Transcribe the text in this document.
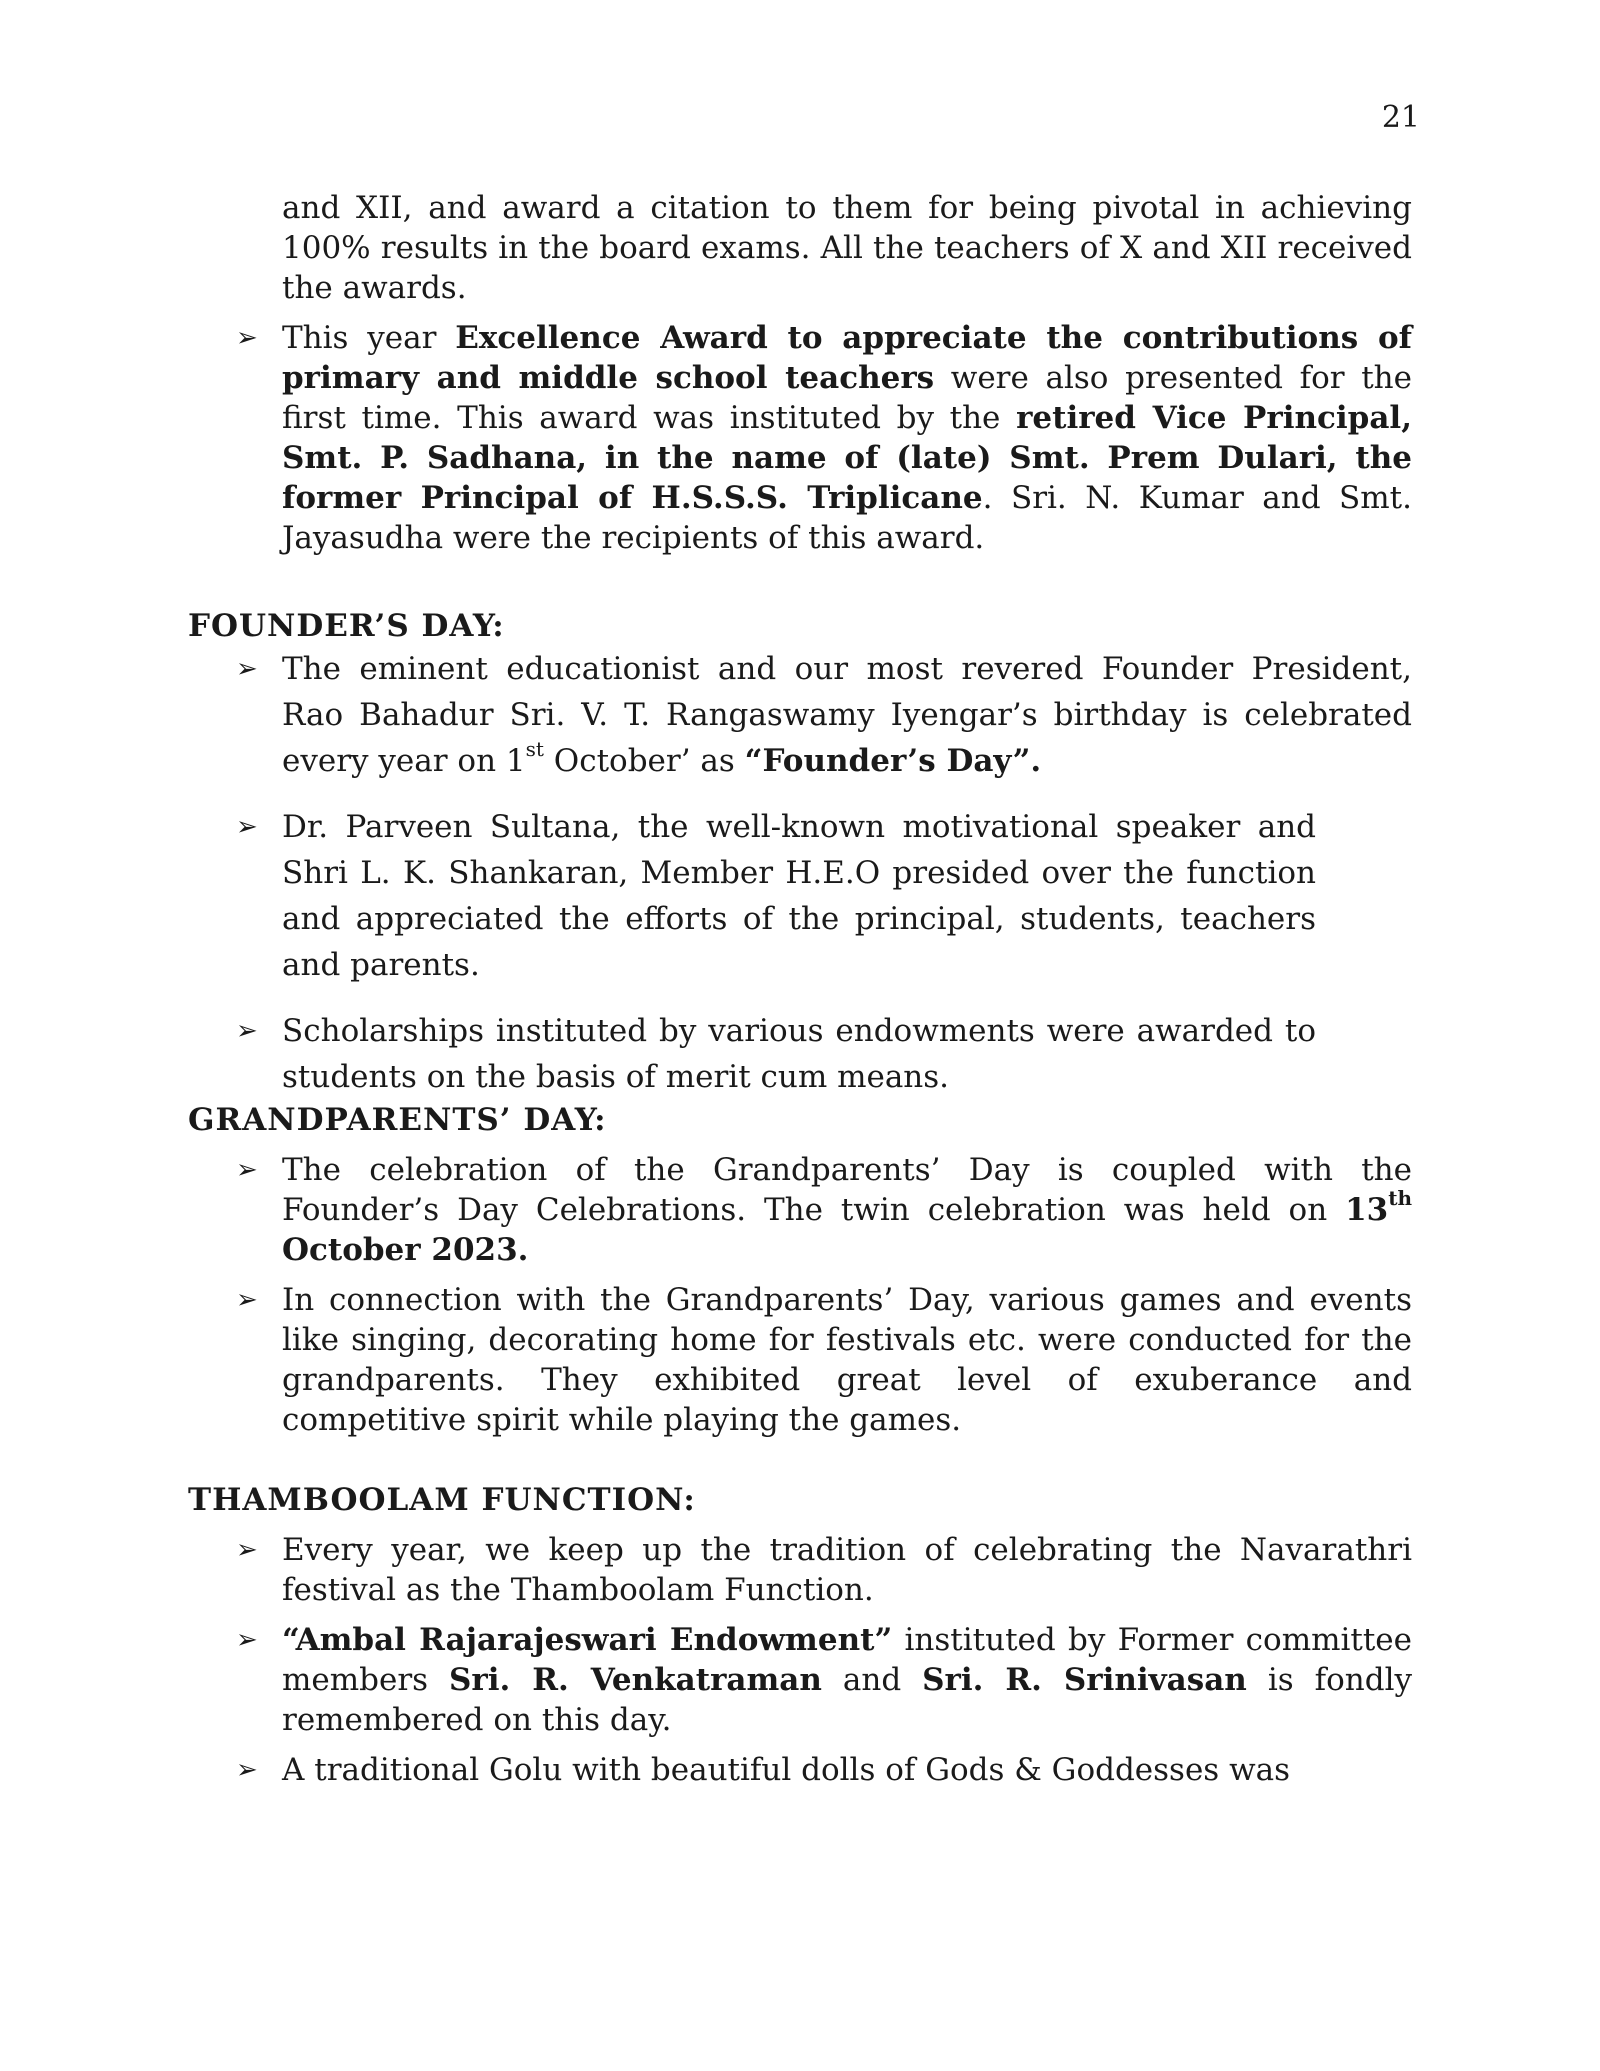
21
and XII, and award a citation to them for being pivotal in achieving 100% results in the board exams. All the teachers of X and XII received the awards.
➢ This year Excellence Award to appreciate the contributions of primary and middle school teachers were also presented for the first time. This award was instituted by the retired Vice Principal, Smt. P. Sadhana, in the name of (late) Smt. Prem Dulari, the former Principal of H.S.S.S. Triplicane. Sri. N. Kumar and Smt. Jayasudha were the recipients of this award.
FOUNDER’S DAY:
➢ The eminent educationist and our most revered Founder President, Rao Bahadur Sri. V. T. Rangaswamy Iyengar’s birthday is celebrated every year on 1st October’ as “Founder’s Day”.
➢ Dr. Parveen Sultana, the well-known motivational speaker and Shri L. K. Shankaran, Member H.E.O presided over the function and appreciated the efforts of the principal, students, teachers and parents.
➢ Scholarships instituted by various endowments were awarded to students on the basis of merit cum means.
GRANDPARENTS’ DAY:
➢ The celebration of the Grandparents’ Day is coupled with the Founder’s Day Celebrations. The twin celebration was held on 13th October 2023.
➢ In connection with the Grandparents’ Day, various games and events like singing, decorating home for festivals etc. were conducted for the grandparents. They exhibited great level of exuberance and competitive spirit while playing the games.
THAMBOOLAM FUNCTION:
➢ Every year, we keep up the tradition of celebrating the Navarathri festival as the Thamboolam Function.
➢ “Ambal Rajarajeswari Endowment” instituted by Former committee members Sri. R. Venkatraman and Sri. R. Srinivasan is fondly remembered on this day.
➢ A traditional Golu with beautiful dolls of Gods & Goddesses was
